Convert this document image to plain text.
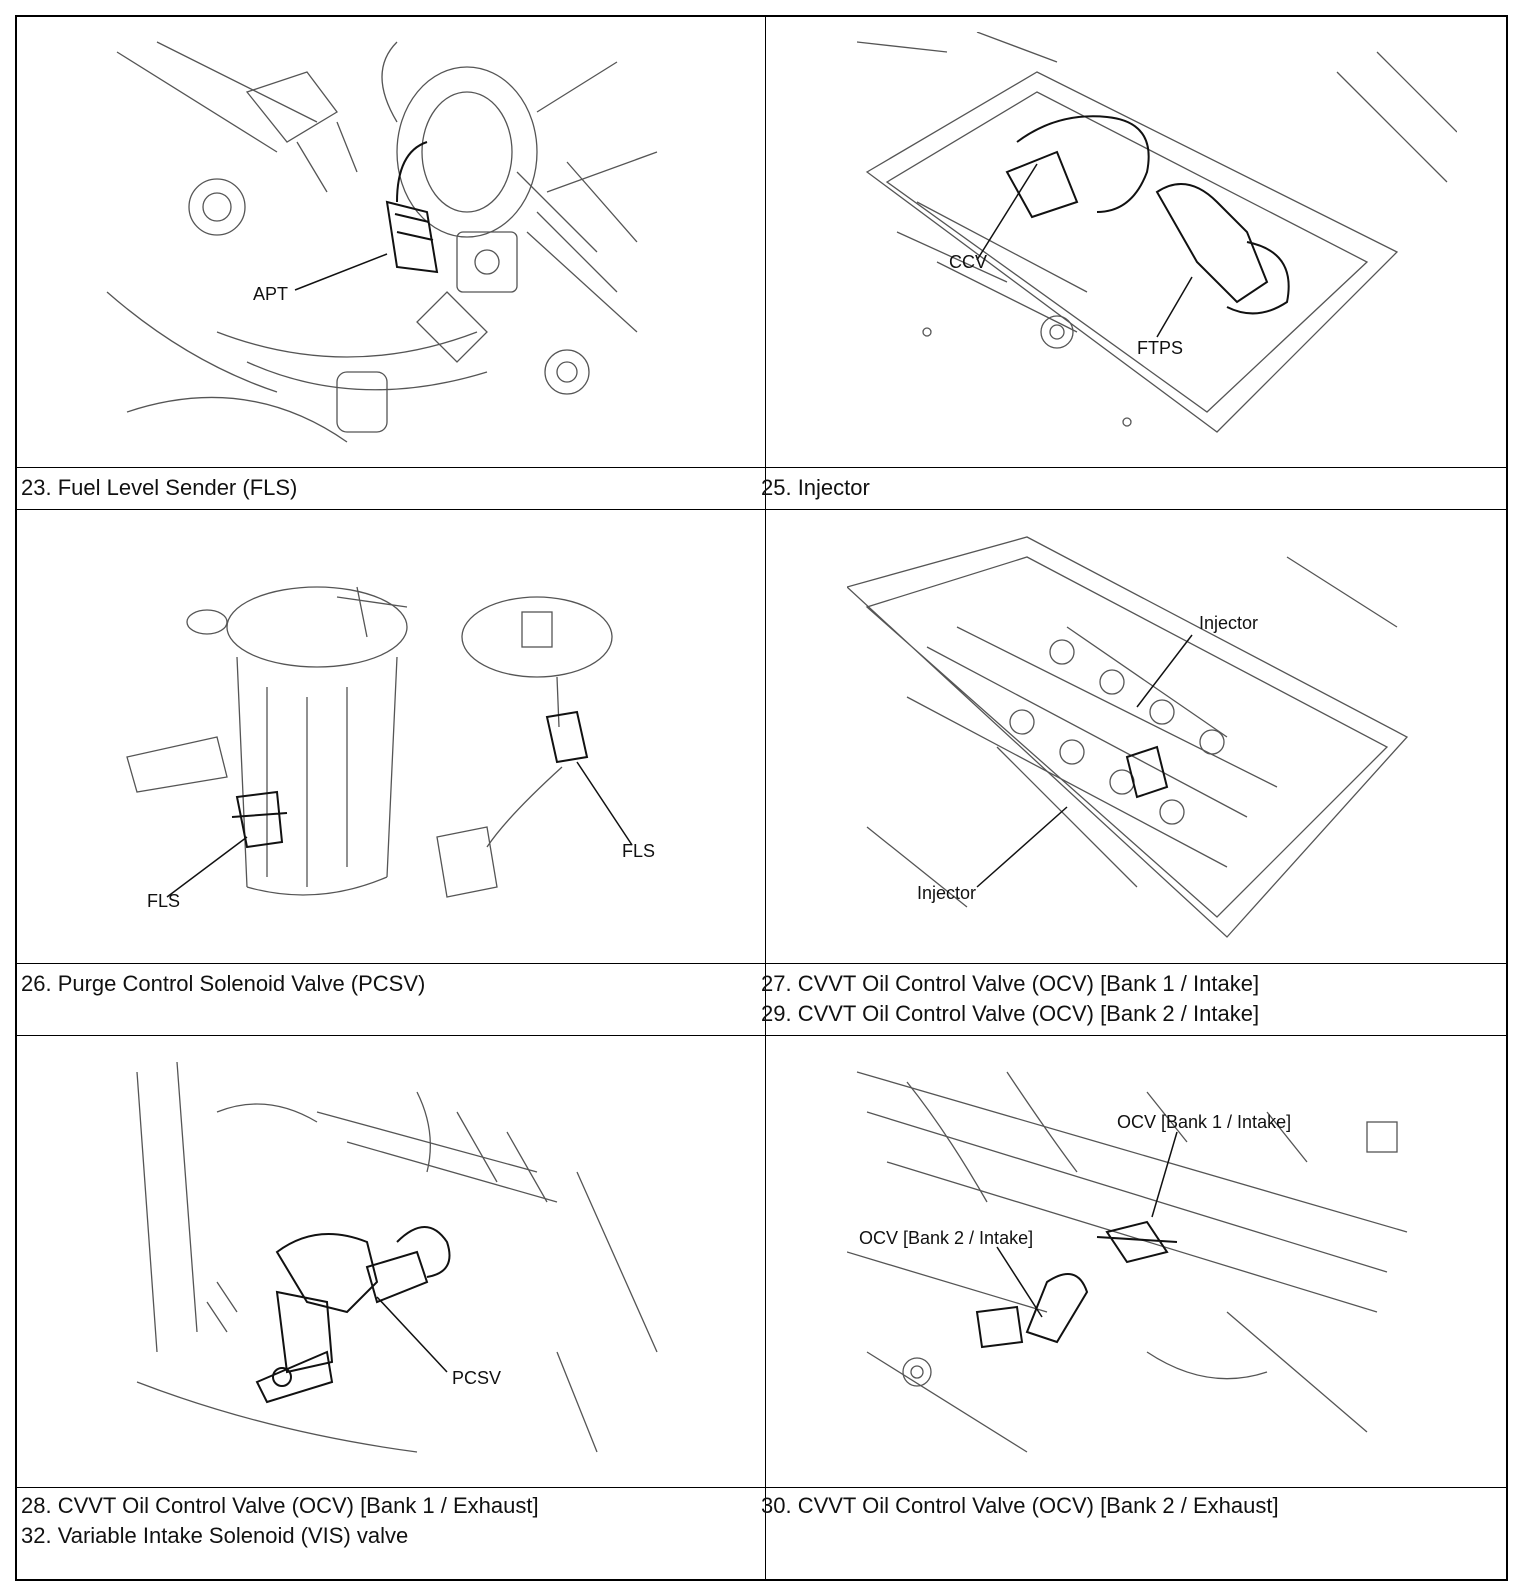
APT
23. Fuel Level Sender (FLS)
CCV
FTPS
25. Injector
FLS
FLS
26. Purge Control Solenoid Valve (PCSV)
Injector
Injector
27. CVVT Oil Control Valve (OCV) [Bank 1 / Intake]
29. CVVT Oil Control Valve (OCV) [Bank 2 / Intake]
PCSV
28. CVVT Oil Control Valve (OCV) [Bank 1 / Exhaust]
32. Variable Intake Solenoid (VIS) valve
OCV [Bank 1 / Intake]
OCV [Bank 2 / Intake]
30. CVVT Oil Control Valve (OCV) [Bank 2 / Exhaust]
